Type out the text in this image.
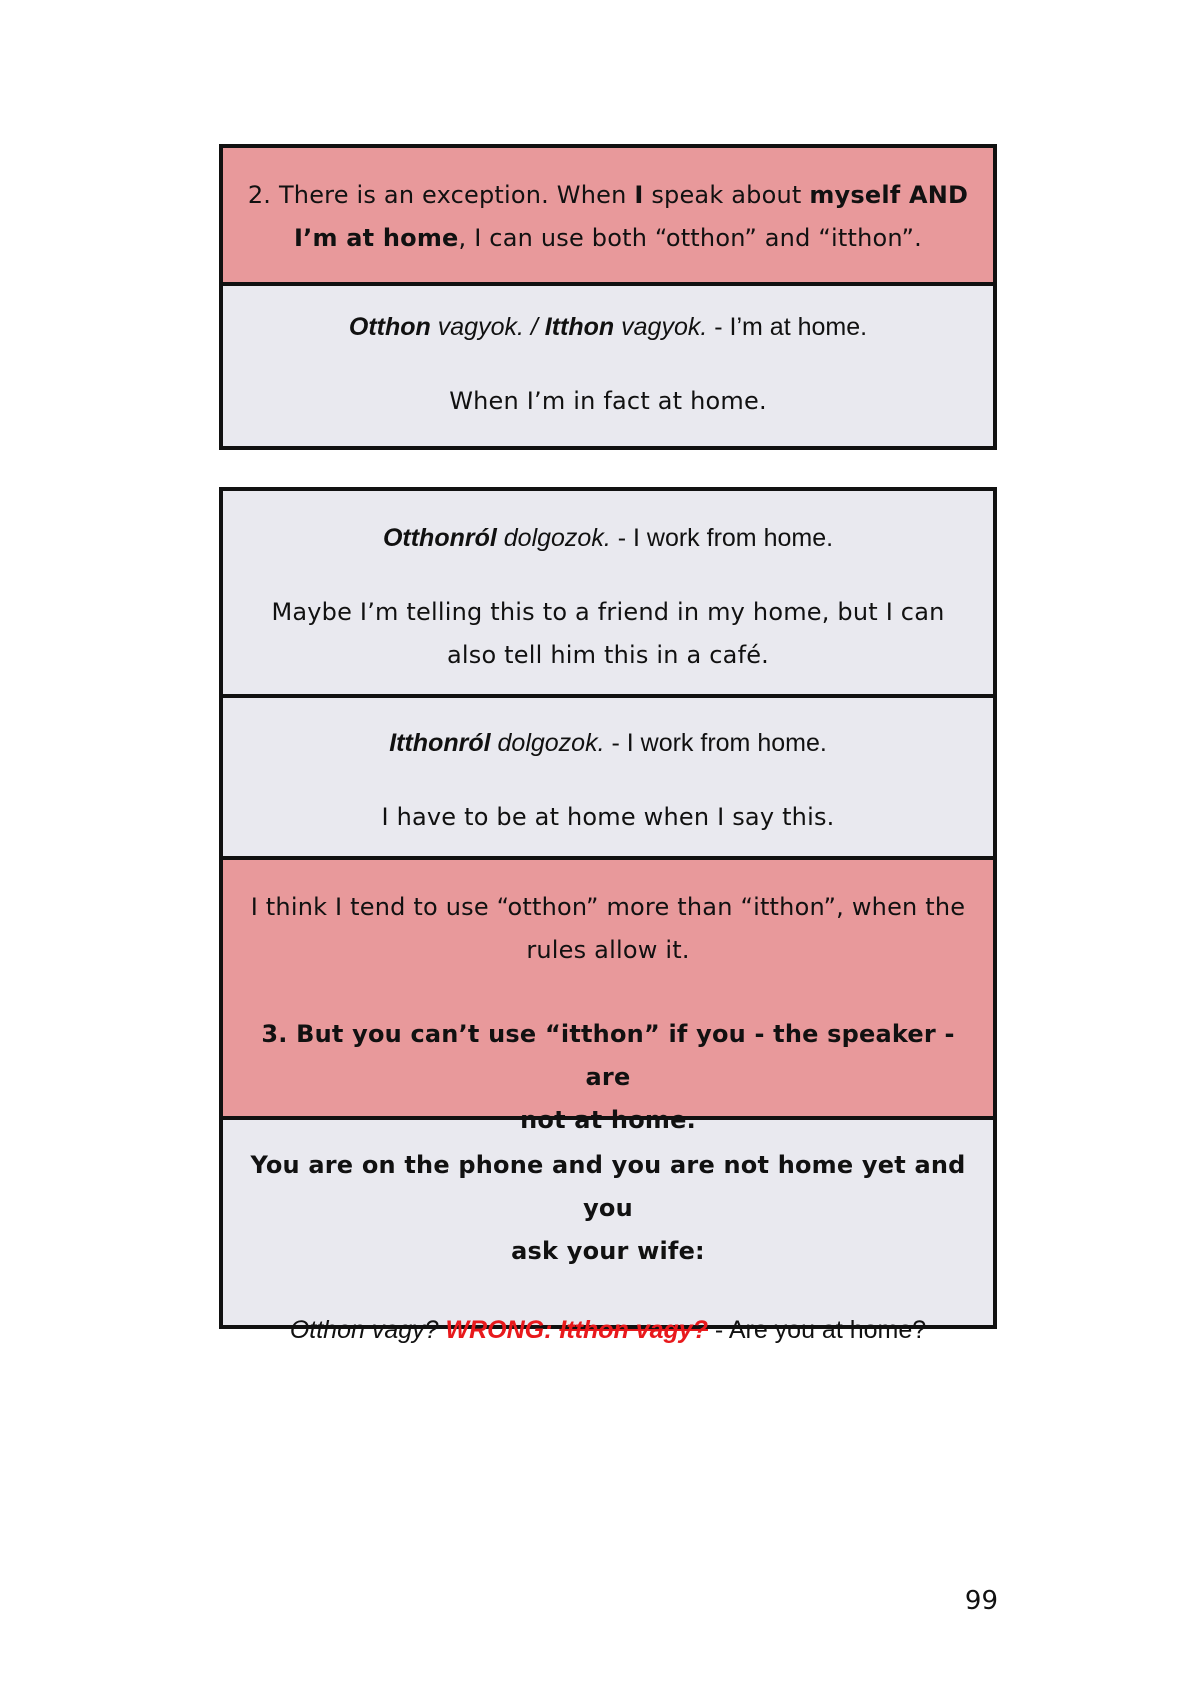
2. There is an exception. When I speak about myself AND

I’m at home, I can use both “otthon” and “itthon”.

Otthon vagyok. / Itthon vagyok. - I’m at home.

When I’m in fact at home.

Otthonról dolgozok. - I work from home.

Maybe I’m telling this to a friend in my home, but I can

also tell him this in a café.

Itthonról dolgozok. - I work from home.

I have to be at home when I say this.

I think I tend to use “otthon” more than “itthon”, when the

rules allow it.

3. But you can’t use “itthon” if you - the speaker - are

not at home.

You are on the phone and you are not home yet and you

ask your wife:

Otthon vagy? WRONG: Itthon vagy? - Are you at home?

99
